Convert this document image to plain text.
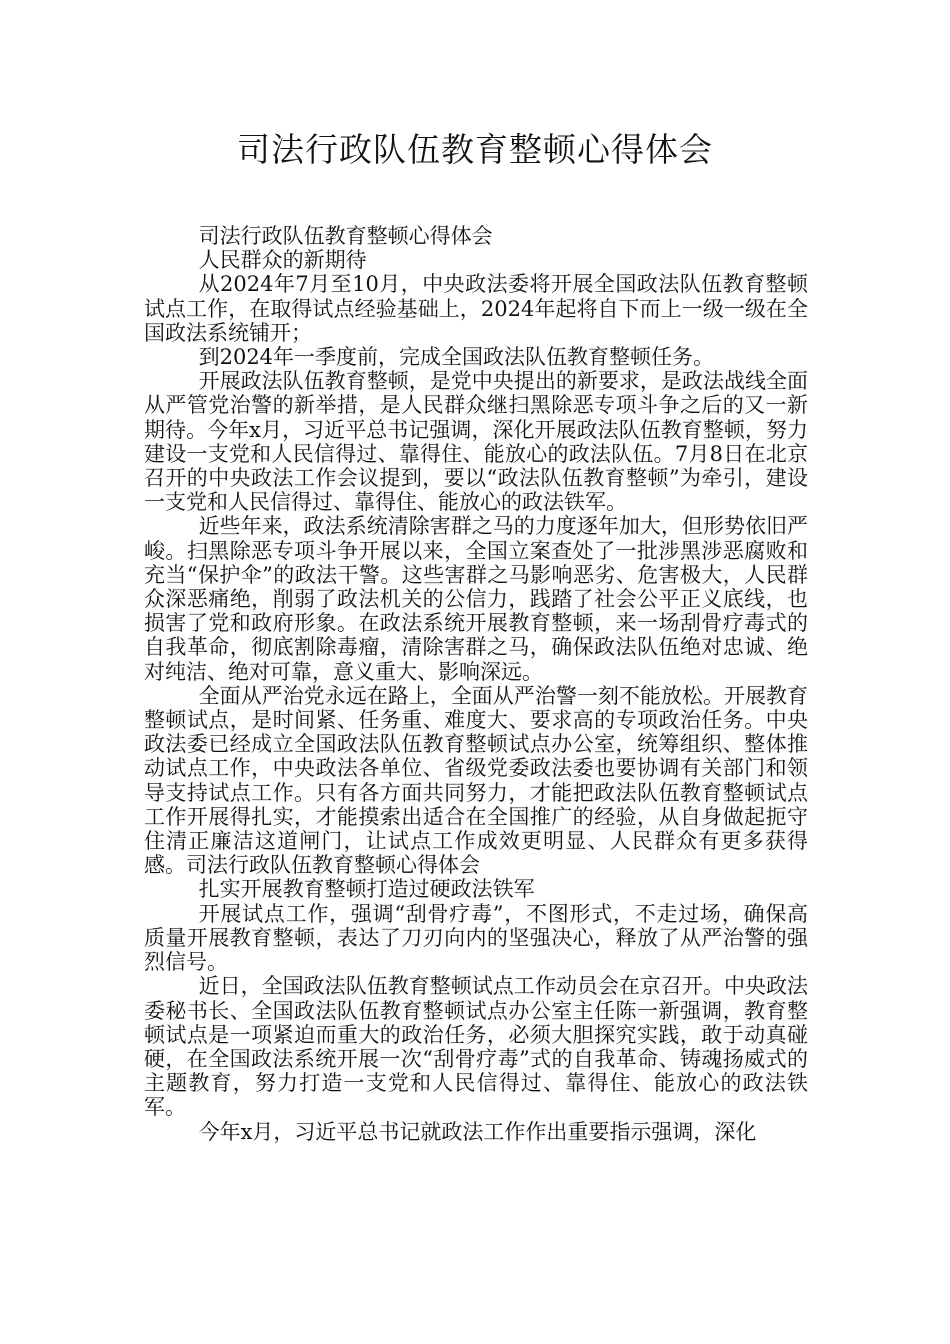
司法行政队伍教育整顿心得体会

司法行政队伍教育整顿心得体会

人民群众的新期待

从2024年7月至10月，中央政法委将开展全国政法队伍教育整顿试点工作，在取得试点经验基础上，2024年起将自下而上一级一级在全国政法系统铺开；

到2024年一季度前，完成全国政法队伍教育整顿任务。

开展政法队伍教育整顿，是党中央提出的新要求，是政法战线全面从严管党治警的新举措，是人民群众继扫黑除恶专项斗争之后的又一新期待。今年x月，习近平总书记强调，深化开展政法队伍教育整顿，努力建设一支党和人民信得过、靠得住、能放心的政法队伍。7月8日在北京召开的中央政法工作会议提到，要以“政法队伍教育整顿”为牵引，建设一支党和人民信得过、靠得住、能放心的政法铁军。

近些年来，政法系统清除害群之马的力度逐年加大，但形势依旧严峻。扫黑除恶专项斗争开展以来，全国立案查处了一批涉黑涉恶腐败和充当“保护伞”的政法干警。这些害群之马影响恶劣、危害极大，人民群众深恶痛绝，削弱了政法机关的公信力，践踏了社会公平正义底线，也损害了党和政府形象。在政法系统开展教育整顿，来一场刮骨疗毒式的自我革命，彻底割除毒瘤，清除害群之马，确保政法队伍绝对忠诚、绝对纯洁、绝对可靠，意义重大、影响深远。

全面从严治党永远在路上，全面从严治警一刻不能放松。开展教育整顿试点，是时间紧、任务重、难度大、要求高的专项政治任务。中央政法委已经成立全国政法队伍教育整顿试点办公室，统筹组织、整体推动试点工作，中央政法各单位、省级党委政法委也要协调有关部门和领导支持试点工作。只有各方面共同努力，才能把政法队伍教育整顿试点工作开展得扎实，才能摸索出适合在全国推广的经验，从自身做起扼守住清正廉洁这道闸门，让试点工作成效更明显、人民群众有更多获得感。司法行政队伍教育整顿心得体会

扎实开展教育整顿打造过硬政法铁军

开展试点工作，强调“刮骨疗毒”，不图形式，不走过场，确保高质量开展教育整顿，表达了刀刃向内的坚强决心，释放了从严治警的强烈信号。

近日，全国政法队伍教育整顿试点工作动员会在京召开。中央政法委秘书长、全国政法队伍教育整顿试点办公室主任陈一新强调，教育整顿试点是一项紧迫而重大的政治任务，必须大胆探究实践，敢于动真碰硬，在全国政法系统开展一次“刮骨疗毒”式的自我革命、铸魂扬威式的主题教育，努力打造一支党和人民信得过、靠得住、能放心的政法铁军。

今年x月，习近平总书记就政法工作作出重要指示强调，深化
